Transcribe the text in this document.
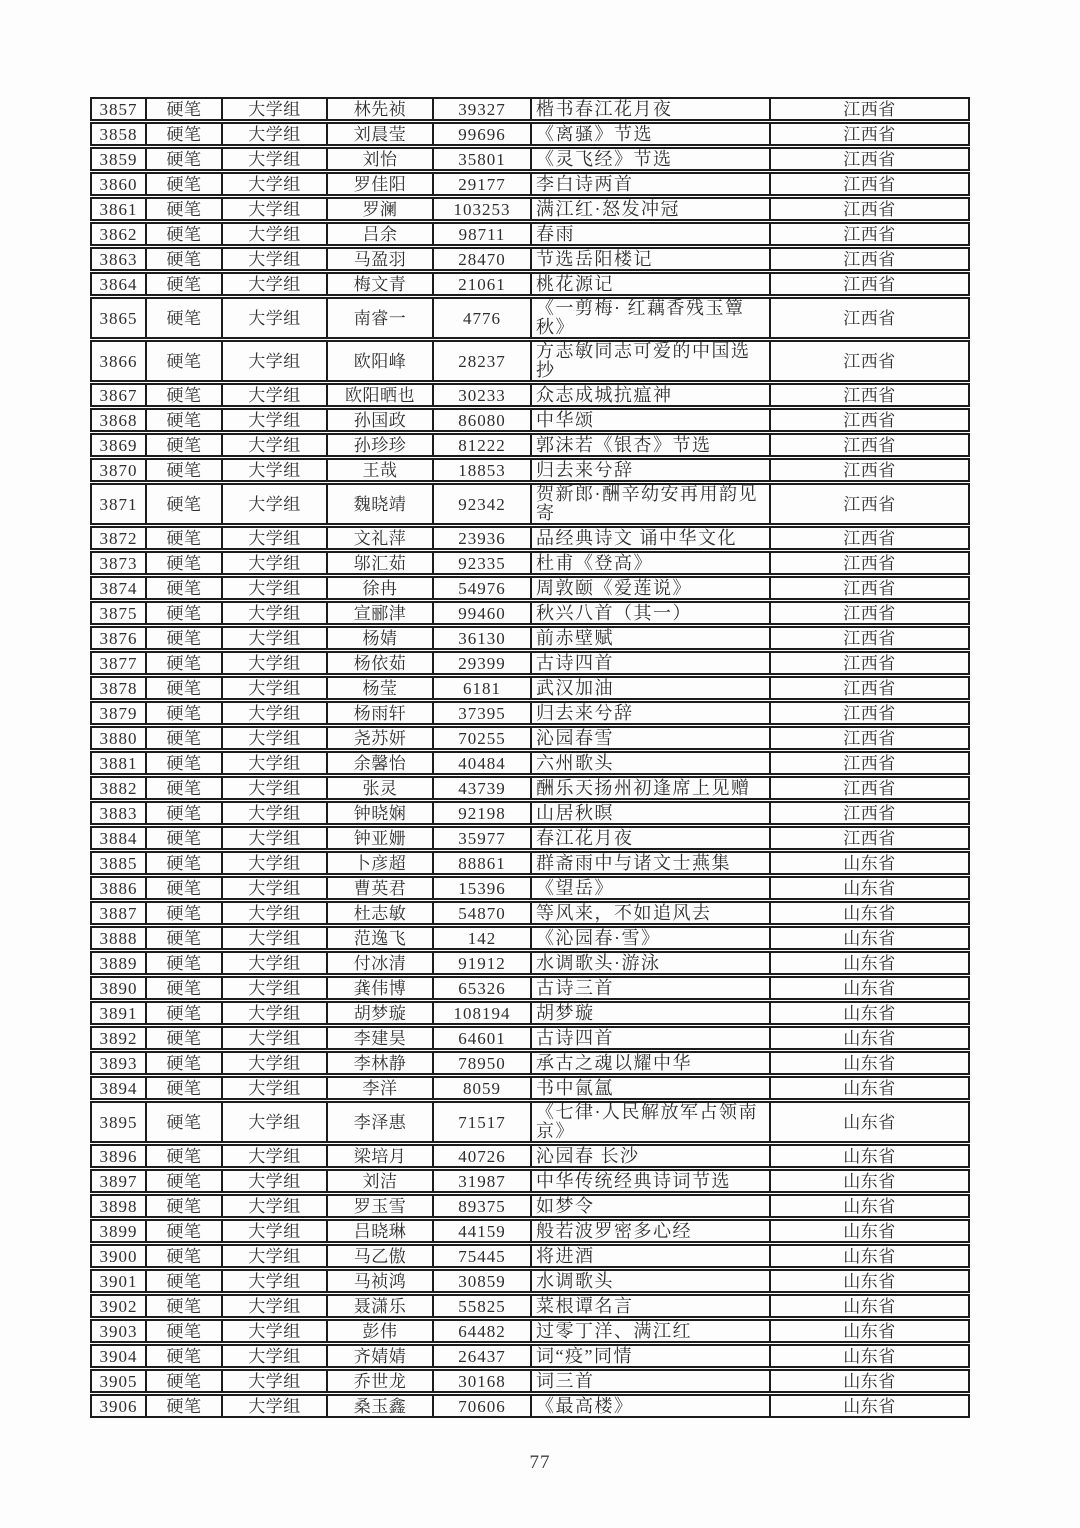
3857	硬笔	大学组	林先祯	39327	楷书春江花月夜	江西省
3858	硬笔	大学组	刘晨莹	99696	《离骚》节选	江西省
3859	硬笔	大学组	刘怡	35801	《灵飞经》节选	江西省
3860	硬笔	大学组	罗佳阳	29177	李白诗两首	江西省
3861	硬笔	大学组	罗澜	103253	满江红·怒发冲冠	江西省
3862	硬笔	大学组	吕余	98711	春雨	江西省
3863	硬笔	大学组	马盈羽	28470	节选岳阳楼记	江西省
3864	硬笔	大学组	梅文青	21061	桃花源记	江西省
3865	硬笔	大学组	南睿一	4776	《一剪梅· 红藕香残玉簟秋》	江西省
3866	硬笔	大学组	欧阳峰	28237	方志敏同志可爱的中国选抄	江西省
3867	硬笔	大学组	欧阳晒也	30233	众志成城抗瘟神	江西省
3868	硬笔	大学组	孙国政	86080	中华颂	江西省
3869	硬笔	大学组	孙珍珍	81222	郭沫若《银杏》节选	江西省
3870	硬笔	大学组	王哉	18853	归去来兮辞	江西省
3871	硬笔	大学组	魏晓靖	92342	贺新郎·酬辛幼安再用韵见寄	江西省
3872	硬笔	大学组	文礼萍	23936	品经典诗文 诵中华文化	江西省
3873	硬笔	大学组	邬汇茹	92335	杜甫《登高》	江西省
3874	硬笔	大学组	徐冉	54976	周敦颐《爱莲说》	江西省
3875	硬笔	大学组	宣郦津	99460	秋兴八首（其一）	江西省
3876	硬笔	大学组	杨婧	36130	前赤壁赋	江西省
3877	硬笔	大学组	杨依茹	29399	古诗四首	江西省
3878	硬笔	大学组	杨莹	6181	武汉加油	江西省
3879	硬笔	大学组	杨雨轩	37395	归去来兮辞	江西省
3880	硬笔	大学组	尧苏妍	70255	沁园春雪	江西省
3881	硬笔	大学组	余馨怡	40484	六州歌头	江西省
3882	硬笔	大学组	张灵	43739	酬乐天扬州初逢席上见赠	江西省
3883	硬笔	大学组	钟晓娴	92198	山居秋暝	江西省
3884	硬笔	大学组	钟亚姗	35977	春江花月夜	江西省
3885	硬笔	大学组	卜彦超	88861	群斋雨中与诸文士燕集	山东省
3886	硬笔	大学组	曹英君	15396	《望岳》	山东省
3887	硬笔	大学组	杜志敏	54870	等风来，不如追风去	山东省
3888	硬笔	大学组	范逸飞	142	《沁园春·雪》	山东省
3889	硬笔	大学组	付冰清	91912	水调歌头·游泳	山东省
3890	硬笔	大学组	龚伟博	65326	古诗三首	山东省
3891	硬笔	大学组	胡梦璇	108194	胡梦璇	山东省
3892	硬笔	大学组	李建昊	64601	古诗四首	山东省
3893	硬笔	大学组	李林静	78950	承古之魂以耀中华	山东省
3894	硬笔	大学组	李洋	8059	书中氤氲	山东省
3895	硬笔	大学组	李泽惠	71517	《七律·人民解放军占领南京》	山东省
3896	硬笔	大学组	梁培月	40726	沁园春 长沙	山东省
3897	硬笔	大学组	刘洁	31987	中华传统经典诗词节选	山东省
3898	硬笔	大学组	罗玉雪	89375	如梦令	山东省
3899	硬笔	大学组	吕晓琳	44159	般若波罗密多心经	山东省
3900	硬笔	大学组	马乙傲	75445	将进酒	山东省
3901	硬笔	大学组	马祯鸿	30859	水调歌头	山东省
3902	硬笔	大学组	聂潇乐	55825	菜根谭名言	山东省
3903	硬笔	大学组	彭伟	64482	过零丁洋、满江红	山东省
3904	硬笔	大学组	齐婧婧	26437	词“疫”同情	山东省
3905	硬笔	大学组	乔世龙	30168	词三首	山东省
3906	硬笔	大学组	桑玉鑫	70606	《最高楼》	山东省
77
